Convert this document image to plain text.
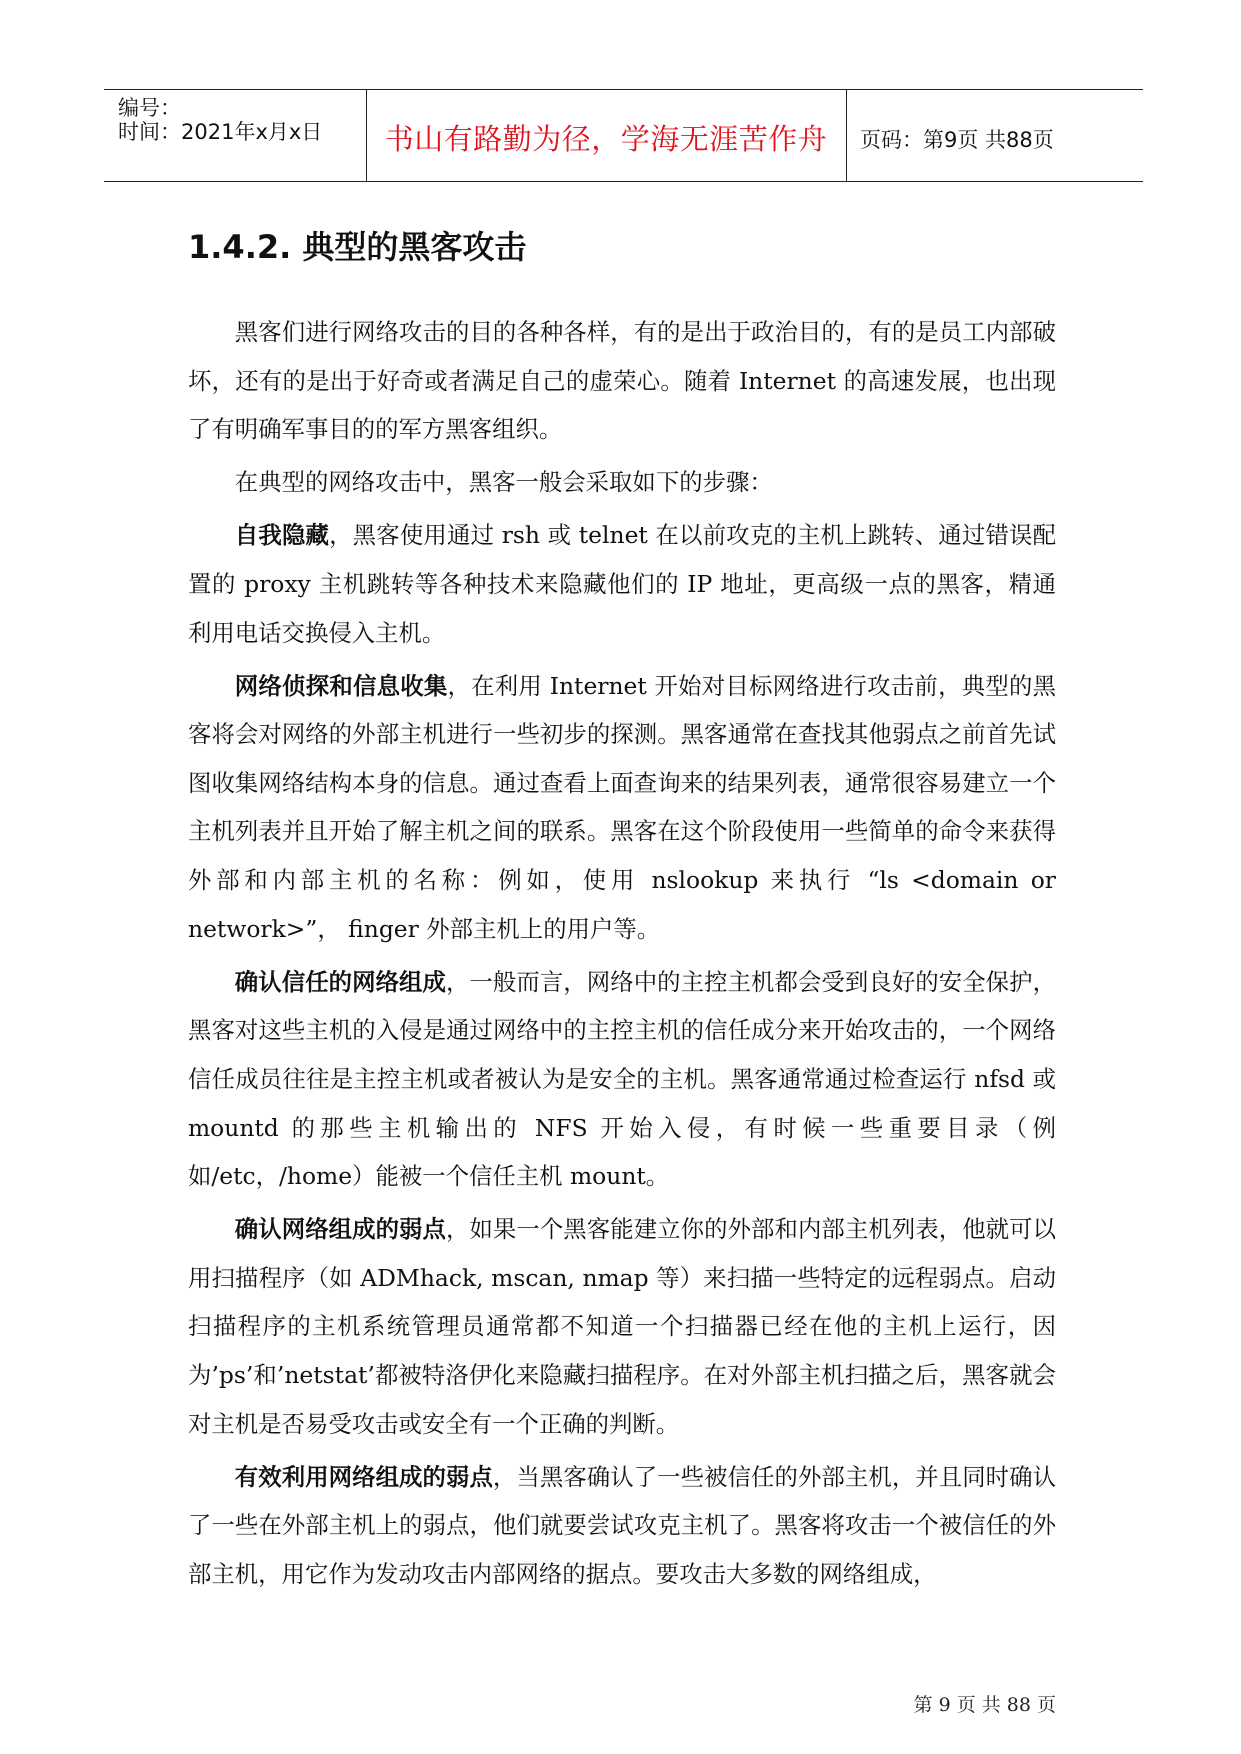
编号：
时间：2021年x月x日	书山有路勤为径，学海无涯苦作舟	页码：第9页 共88页
1.4.2. 典型的黑客攻击

黑客们进行网络攻击的目的各种各样，有的是出于政治目的，有的是员工内部破坏，还有的是出于好奇或者满足自己的虚荣心。随着 Internet 的高速发展，也出现了有明确军事目的的军方黑客组织。

在典型的网络攻击中，黑客一般会采取如下的步骤：

自我隐藏，黑客使用通过 rsh 或 telnet 在以前攻克的主机上跳转、通过错误配置的 proxy 主机跳转等各种技术来隐藏他们的 IP 地址，更高级一点的黑客，精通利用电话交换侵入主机。

网络侦探和信息收集，在利用 Internet 开始对目标网络进行攻击前，典型的黑客将会对网络的外部主机进行一些初步的探测。黑客通常在查找其他弱点之前首先试图收集网络结构本身的信息。通过查看上面查询来的结果列表，通常很容易建立一个主机列表并且开始了解主机之间的联系。黑客在这个阶段使用一些简单的命令来获得外部和内部主机的名称：例如，使用 nslookup 来执行 “ls <domain or network>”， finger 外部主机上的用户等。

确认信任的网络组成，一般而言，网络中的主控主机都会受到良好的安全保护，黑客对这些主机的入侵是通过网络中的主控主机的信任成分来开始攻击的，一个网络信任成员往往是主控主机或者被认为是安全的主机。黑客通常通过检查运行 nfsd 或 mountd 的那些主机输出的 NFS 开始入侵，有时候一些重要目录（例如/etc，/home）能被一个信任主机 mount。

确认网络组成的弱点，如果一个黑客能建立你的外部和内部主机列表，他就可以用扫描程序（如 ADMhack, mscan, nmap 等）来扫描一些特定的远程弱点。启动扫描程序的主机系统管理员通常都不知道一个扫描器已经在他的主机上运行，因为’ps’和’netstat’都被特洛伊化来隐藏扫描程序。在对外部主机扫描之后，黑客就会对主机是否易受攻击或安全有一个正确的判断。

有效利用网络组成的弱点，当黑客确认了一些被信任的外部主机，并且同时确认了一些在外部主机上的弱点，他们就要尝试攻克主机了。黑客将攻击一个被信任的外部主机，用它作为发动攻击内部网络的据点。要攻击大多数的网络组成，

第 9 页 共 88 页
